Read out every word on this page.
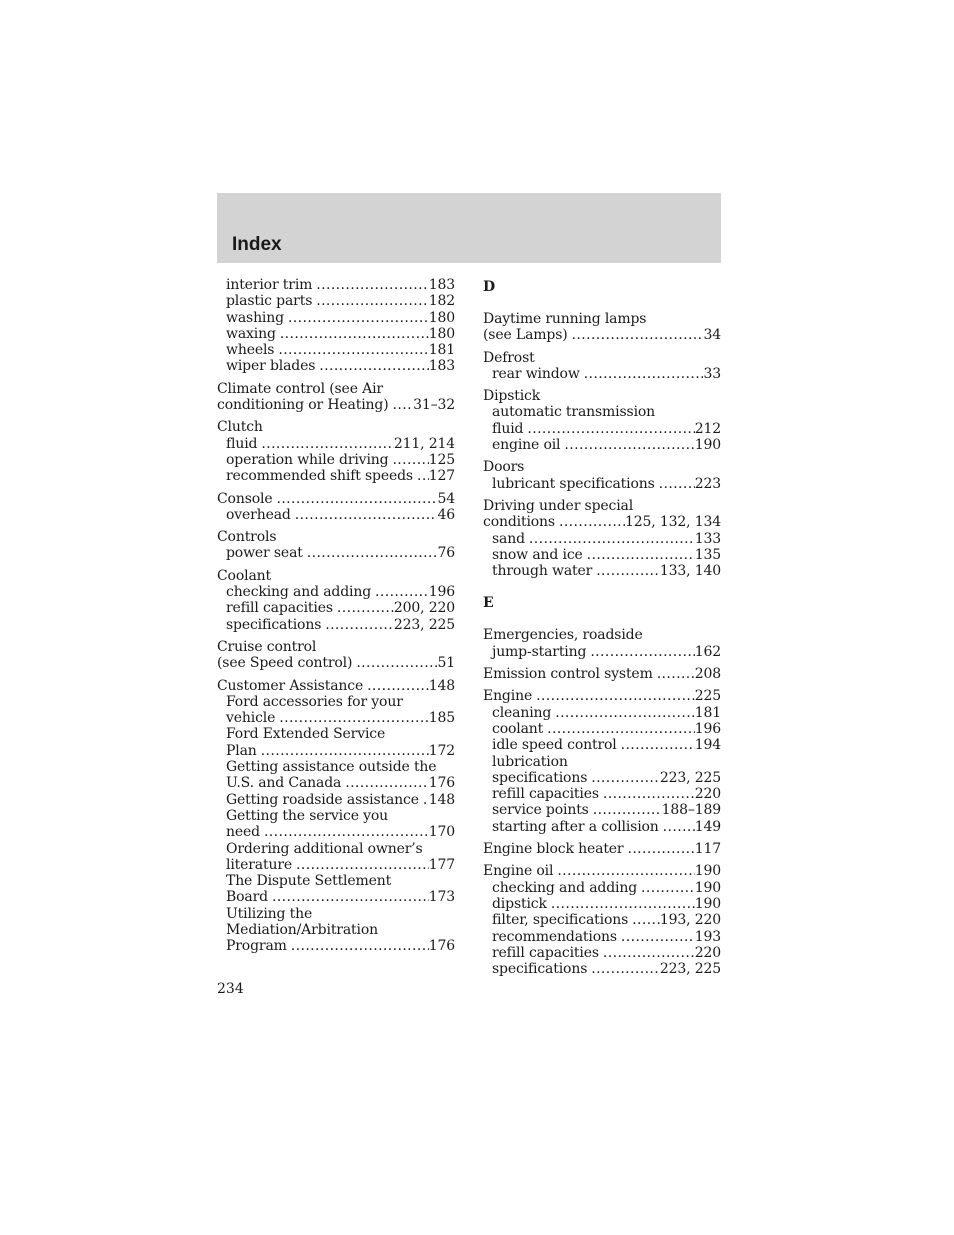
Index
interior trim .....	183
plastic parts .....	182
washing .....	180
waxing .....	180
wheels .....	181
wiper blades .....	183
Climate control (see Air
conditioning or Heating) ..... 31–32
Clutch
fluid .....	211, 214
operation while driving .....	125
recommended shift speeds ..... 127
Console .....	54
overhead .....	46
Controls
power seat .....	76
Coolant
checking and adding .....	196
refill capacities .....	200, 220
specifications .....	223, 225
Cruise control
(see Speed control) .....	51
Customer Assistance .....	148
Ford accessories for your
vehicle .....	185
Ford Extended Service
Plan .....	172
Getting assistance outside the
U.S. and Canada .....	176
Getting roadside assistance ..... 148
Getting the service you
need .....	170
Ordering additional owner’s
literature .....	177
The Dispute Settlement
Board .....	173
Utilizing the
Mediation/Arbitration
Program .....	176
D
Daytime running lamps
(see Lamps) .....	34
Defrost
rear window .....	33
Dipstick
automatic transmission
fluid .....	212
engine oil .....	190
Doors
lubricant specifications .....	223
Driving under special
conditions .....	125, 132, 134
sand .....	133
snow and ice .....	135
through water .....	133, 140
E
Emergencies, roadside
jump-starting .....	162
Emission control system .....	208
Engine .....	225
cleaning .....	181
coolant .....	196
idle speed control .....	194
lubrication
specifications .....	223, 225
refill capacities .....	220
service points .....	188–189
starting after a collision .....	149
Engine block heater .....	117
Engine oil .....	190
checking and adding .....	190
dipstick .....	190
filter, specifications ..... 193, 220
recommendations .....	193
refill capacities .....	220
specifications .....	223, 225
234
